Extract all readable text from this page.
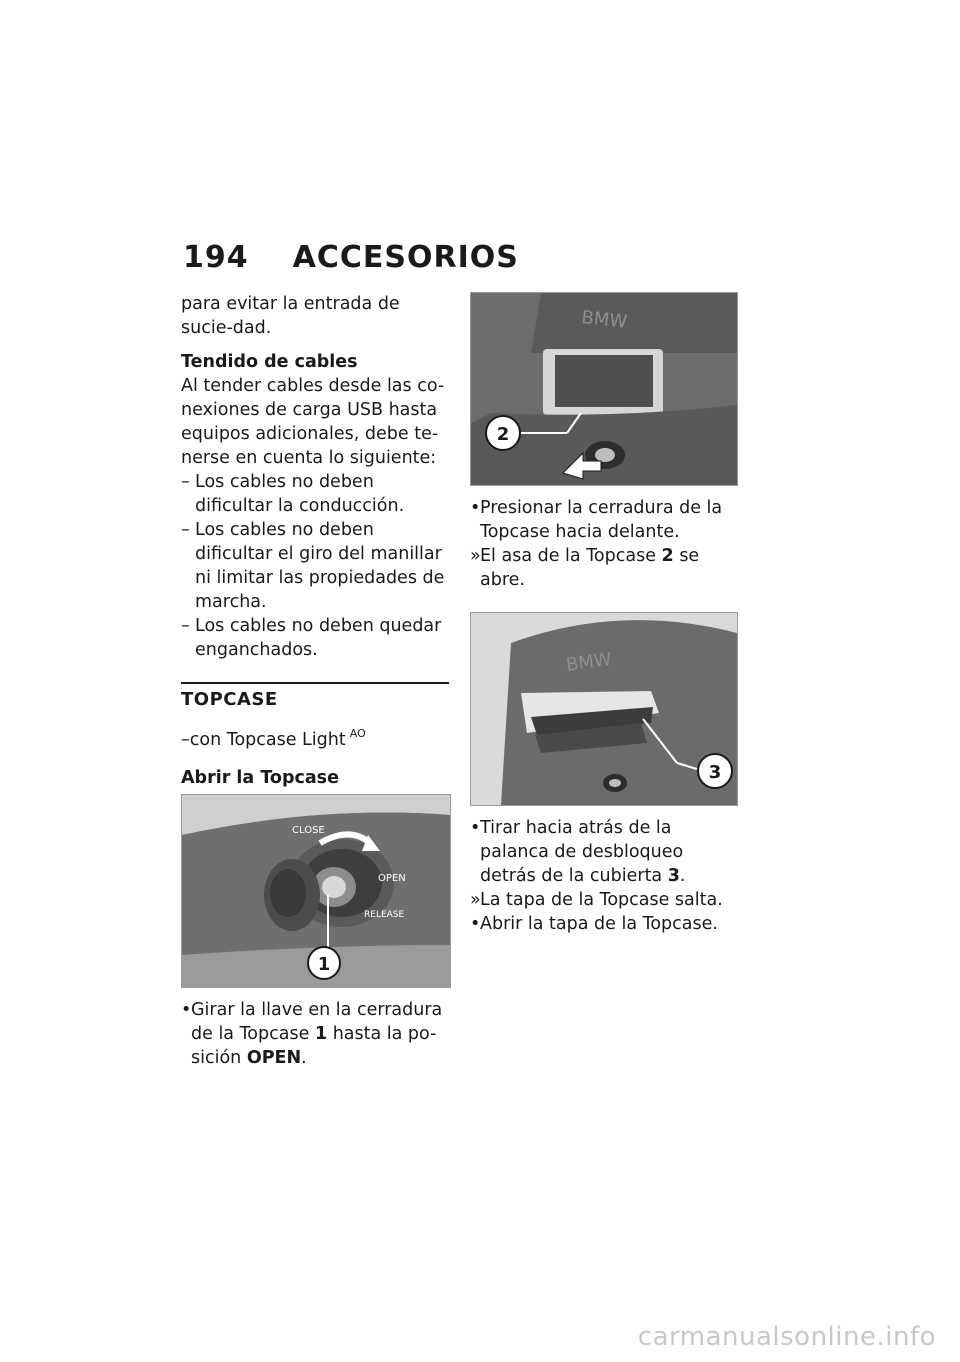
194 ACCESORIOS

para evitar la entrada de sucie-dad.

Tendido de cables

Al tender cables desde las co-nexiones de carga USB hasta equipos adicionales, debe te-nerse en cuenta lo siguiente:

– Los cables no deben dificultar la conducción.
– Los cables no deben dificultar el giro del manillar ni limitar las propiedades de marcha.
– Los cables no deben quedar enganchados.

TOPCASE

–con Topcase Light $^{AO}$

Abrir la Topcase

CLOSE
OPEN
RELEASE
1
• Girar la llave en la cerradura de la Topcase 1 hasta la po-sición OPEN.
BMW
2
• Presionar la cerradura de la Topcase hacia delante.
» El asa de la Topcase 2 se abre.
BMW
3
• Tirar hacia atrás de la palanca de desbloqueo detrás de la cubierta 3.
» La tapa de la Topcase salta.
• Abrir la tapa de la Topcase.
carmanualsonline.info
